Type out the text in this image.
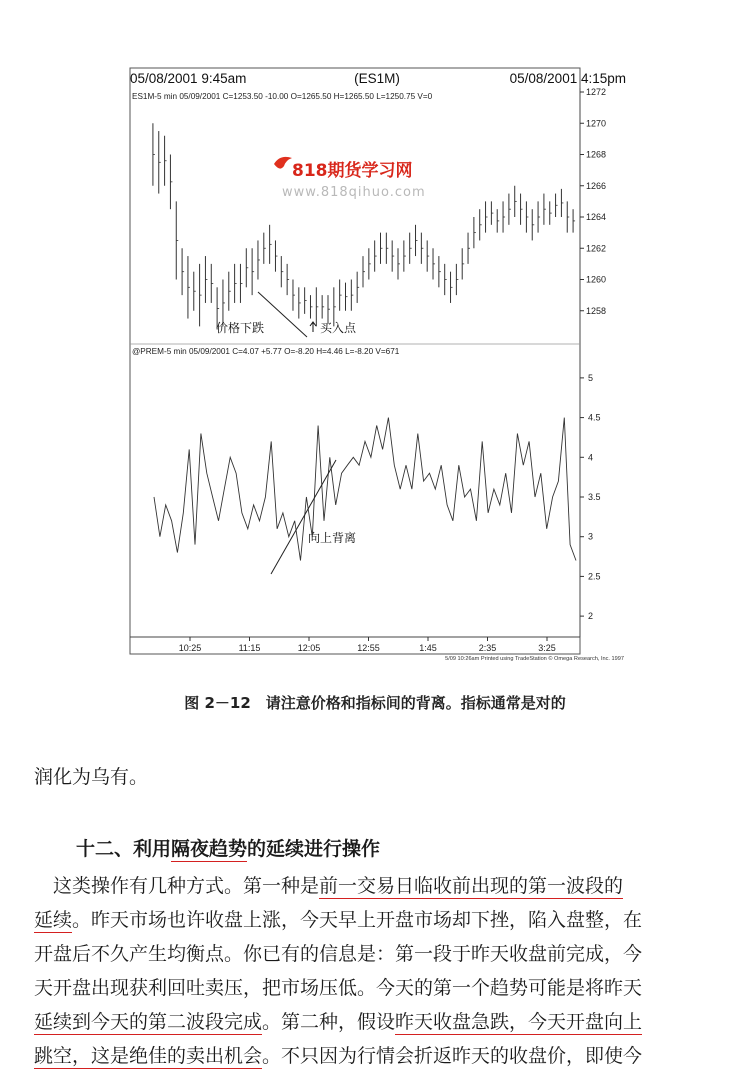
05/08/2001 9:45am	(ES1M)	05/08/2001 4:15pm
ES1M-5 min 05/09/2001 C=1253.50 -10.00 O=1265.50 H=1265.50 L=1250.75 V=0
@PREM-5 min 05/09/2001 C=4.07 +5.77 O=-8.20 H=4.46 L=-8.20 V=671
818期货学习网
www.818qihuo.com
1272
1270
1268
1266
1264
1262
1260
1258
5
4.5
4
3.5
3
2.5
2
10:25	11:15	12:05	12:55	1:45	2:35	3:25
价格下跌	买入点
向上背离
5/09 10:26am Printed using TradeStation © Omega Research, Inc. 1997
图 2－12　请注意价格和指标间的背离。指标通常是对的
润化为乌有。
十二、利用隔夜趋势的延续进行操作
　这类操作有几种方式。第一种是前一交易日临收前出现的第一波段的
延续。昨天市场也许收盘上涨，今天早上开盘市场却下挫，陷入盘整，在
开盘后不久产生均衡点。你已有的信息是：第一段于昨天收盘前完成，今
天开盘出现获利回吐卖压，把市场压低。今天的第一个趋势可能是将昨天
延续到今天的第二波段完成。第二种，假设昨天收盘急跌，今天开盘向上
跳空，这是绝佳的卖出机会。不只因为行情会折返昨天的收盘价，即使今
